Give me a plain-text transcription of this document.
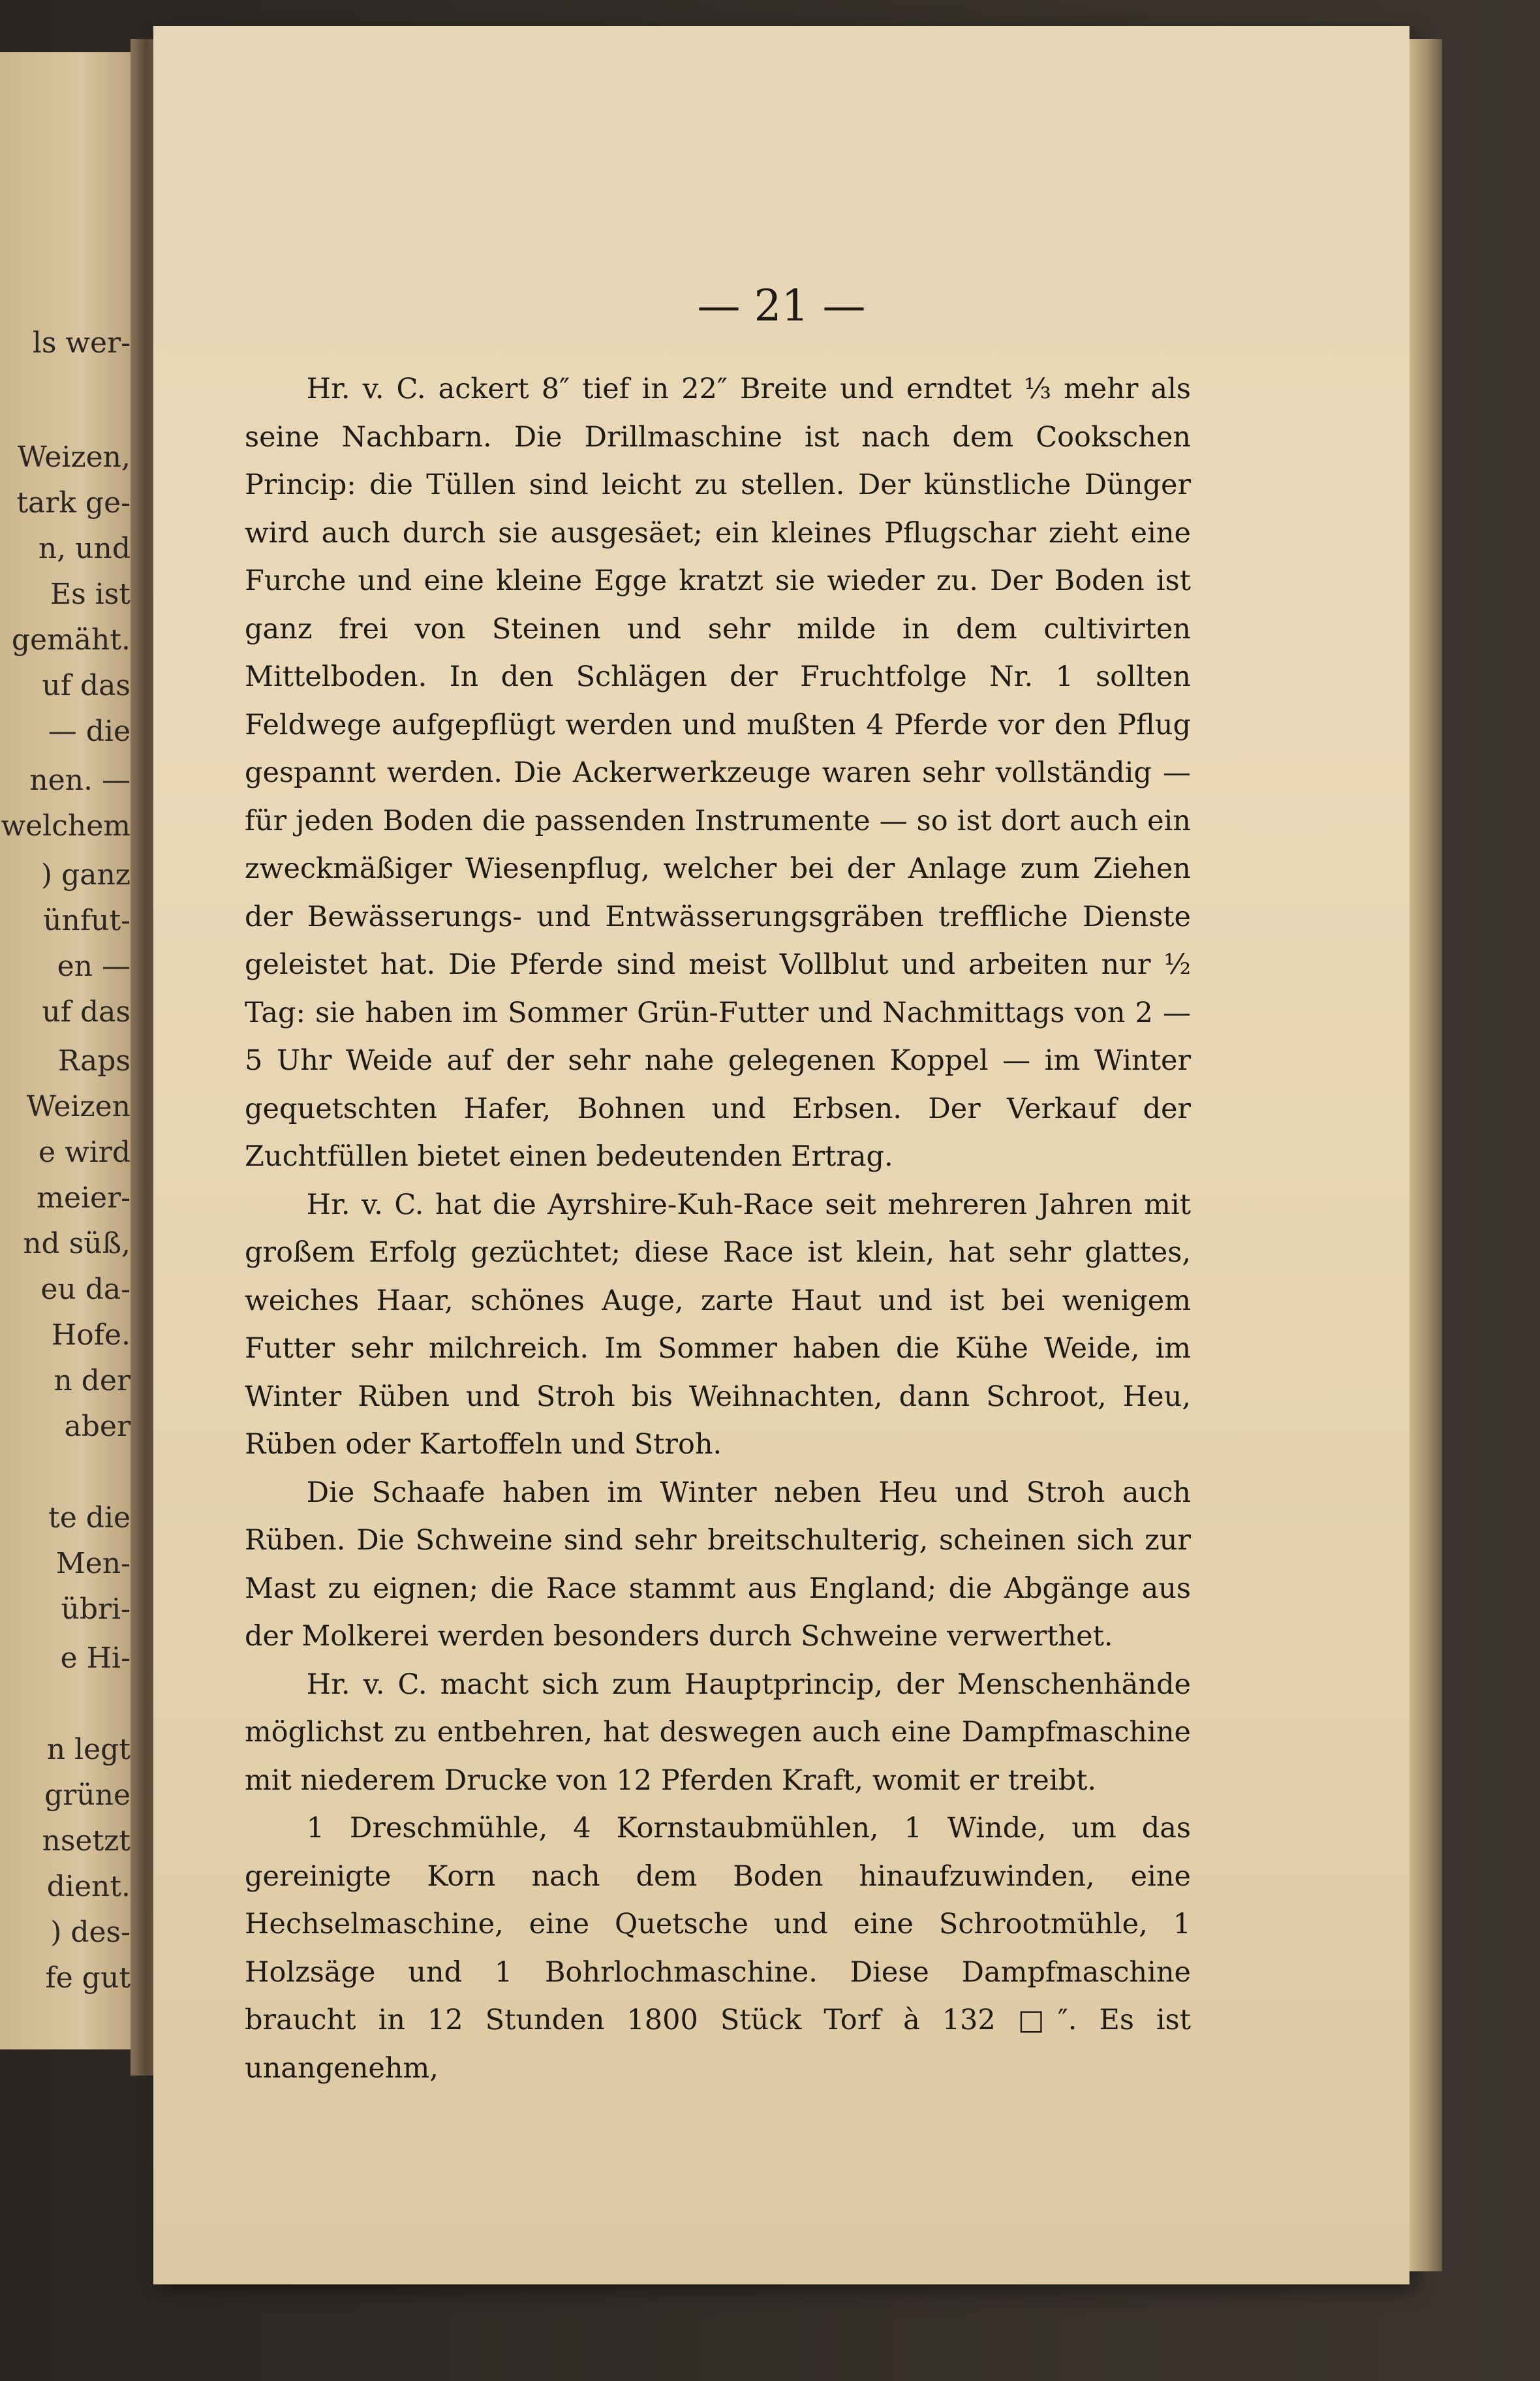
ls wer-
Weizen,
tark ge-
n, und
Es ist
gemäht.
uf das
— die
nen. —
welchem
) ganz
ünfut-
en —
uf das
Raps
Weizen
e wird
meier-
nd süß,
eu da-
Hofe.
n der
aber
te die
Men-
übri-
e Hi-
n legt
grüne
nsetzt
dient.
) des-
fe gut
— 21 —

Hr. v. C. ackert 8″ tief in 22″ Breite und erndtet ⅓ mehr als seine Nachbarn. Die Drillmaschine ist nach dem Cookschen Princip: die Tüllen sind leicht zu stellen. Der künstliche Dünger wird auch durch sie ausgesäet; ein kleines Pflugschar zieht eine Furche und eine kleine Egge kratzt sie wieder zu. Der Boden ist ganz frei von Steinen und sehr milde in dem cultivirten Mittelboden. In den Schlägen der Fruchtfolge Nr. 1 sollten Feldwege aufgepflügt werden und mußten 4 Pferde vor den Pflug gespannt werden. Die Ackerwerkzeuge waren sehr vollständig — für jeden Boden die passenden Instrumente — so ist dort auch ein zweckmäßiger Wiesenpflug, welcher bei der Anlage zum Ziehen der Bewässerungs- und Entwässerungsgräben treffliche Dienste geleistet hat. Die Pferde sind meist Vollblut und arbeiten nur ½ Tag: sie haben im Sommer Grün-Futter und Nachmittags von 2 — 5 Uhr Weide auf der sehr nahe gelegenen Koppel — im Winter gequetschten Hafer, Bohnen und Erbsen. Der Verkauf der Zuchtfüllen bietet einen bedeutenden Ertrag.

Hr. v. C. hat die Ayrshire-Kuh-Race seit mehreren Jahren mit großem Erfolg gezüchtet; diese Race ist klein, hat sehr glattes, weiches Haar, schönes Auge, zarte Haut und ist bei wenigem Futter sehr milchreich. Im Sommer haben die Kühe Weide, im Winter Rüben und Stroh bis Weihnachten, dann Schroot, Heu, Rüben oder Kartoffeln und Stroh.

Die Schaafe haben im Winter neben Heu und Stroh auch Rüben. Die Schweine sind sehr breitschulterig, scheinen sich zur Mast zu eignen; die Race stammt aus England; die Abgänge aus der Molkerei werden besonders durch Schweine verwerthet.

Hr. v. C. macht sich zum Hauptprincip, der Menschenhände möglichst zu entbehren, hat deswegen auch eine Dampfmaschine mit niederem Drucke von 12 Pferden Kraft, womit er treibt.

1 Dreschmühle, 4 Kornstaubmühlen, 1 Winde, um das gereinigte Korn nach dem Boden hinaufzuwinden, eine Hechselmaschine, eine Quetsche und eine Schrootmühle, 1 Holzsäge und 1 Bohrlochmaschine. Diese Dampfmaschine braucht in 12 Stunden 1800 Stück Torf à 132 □″. Es ist unangenehm,
